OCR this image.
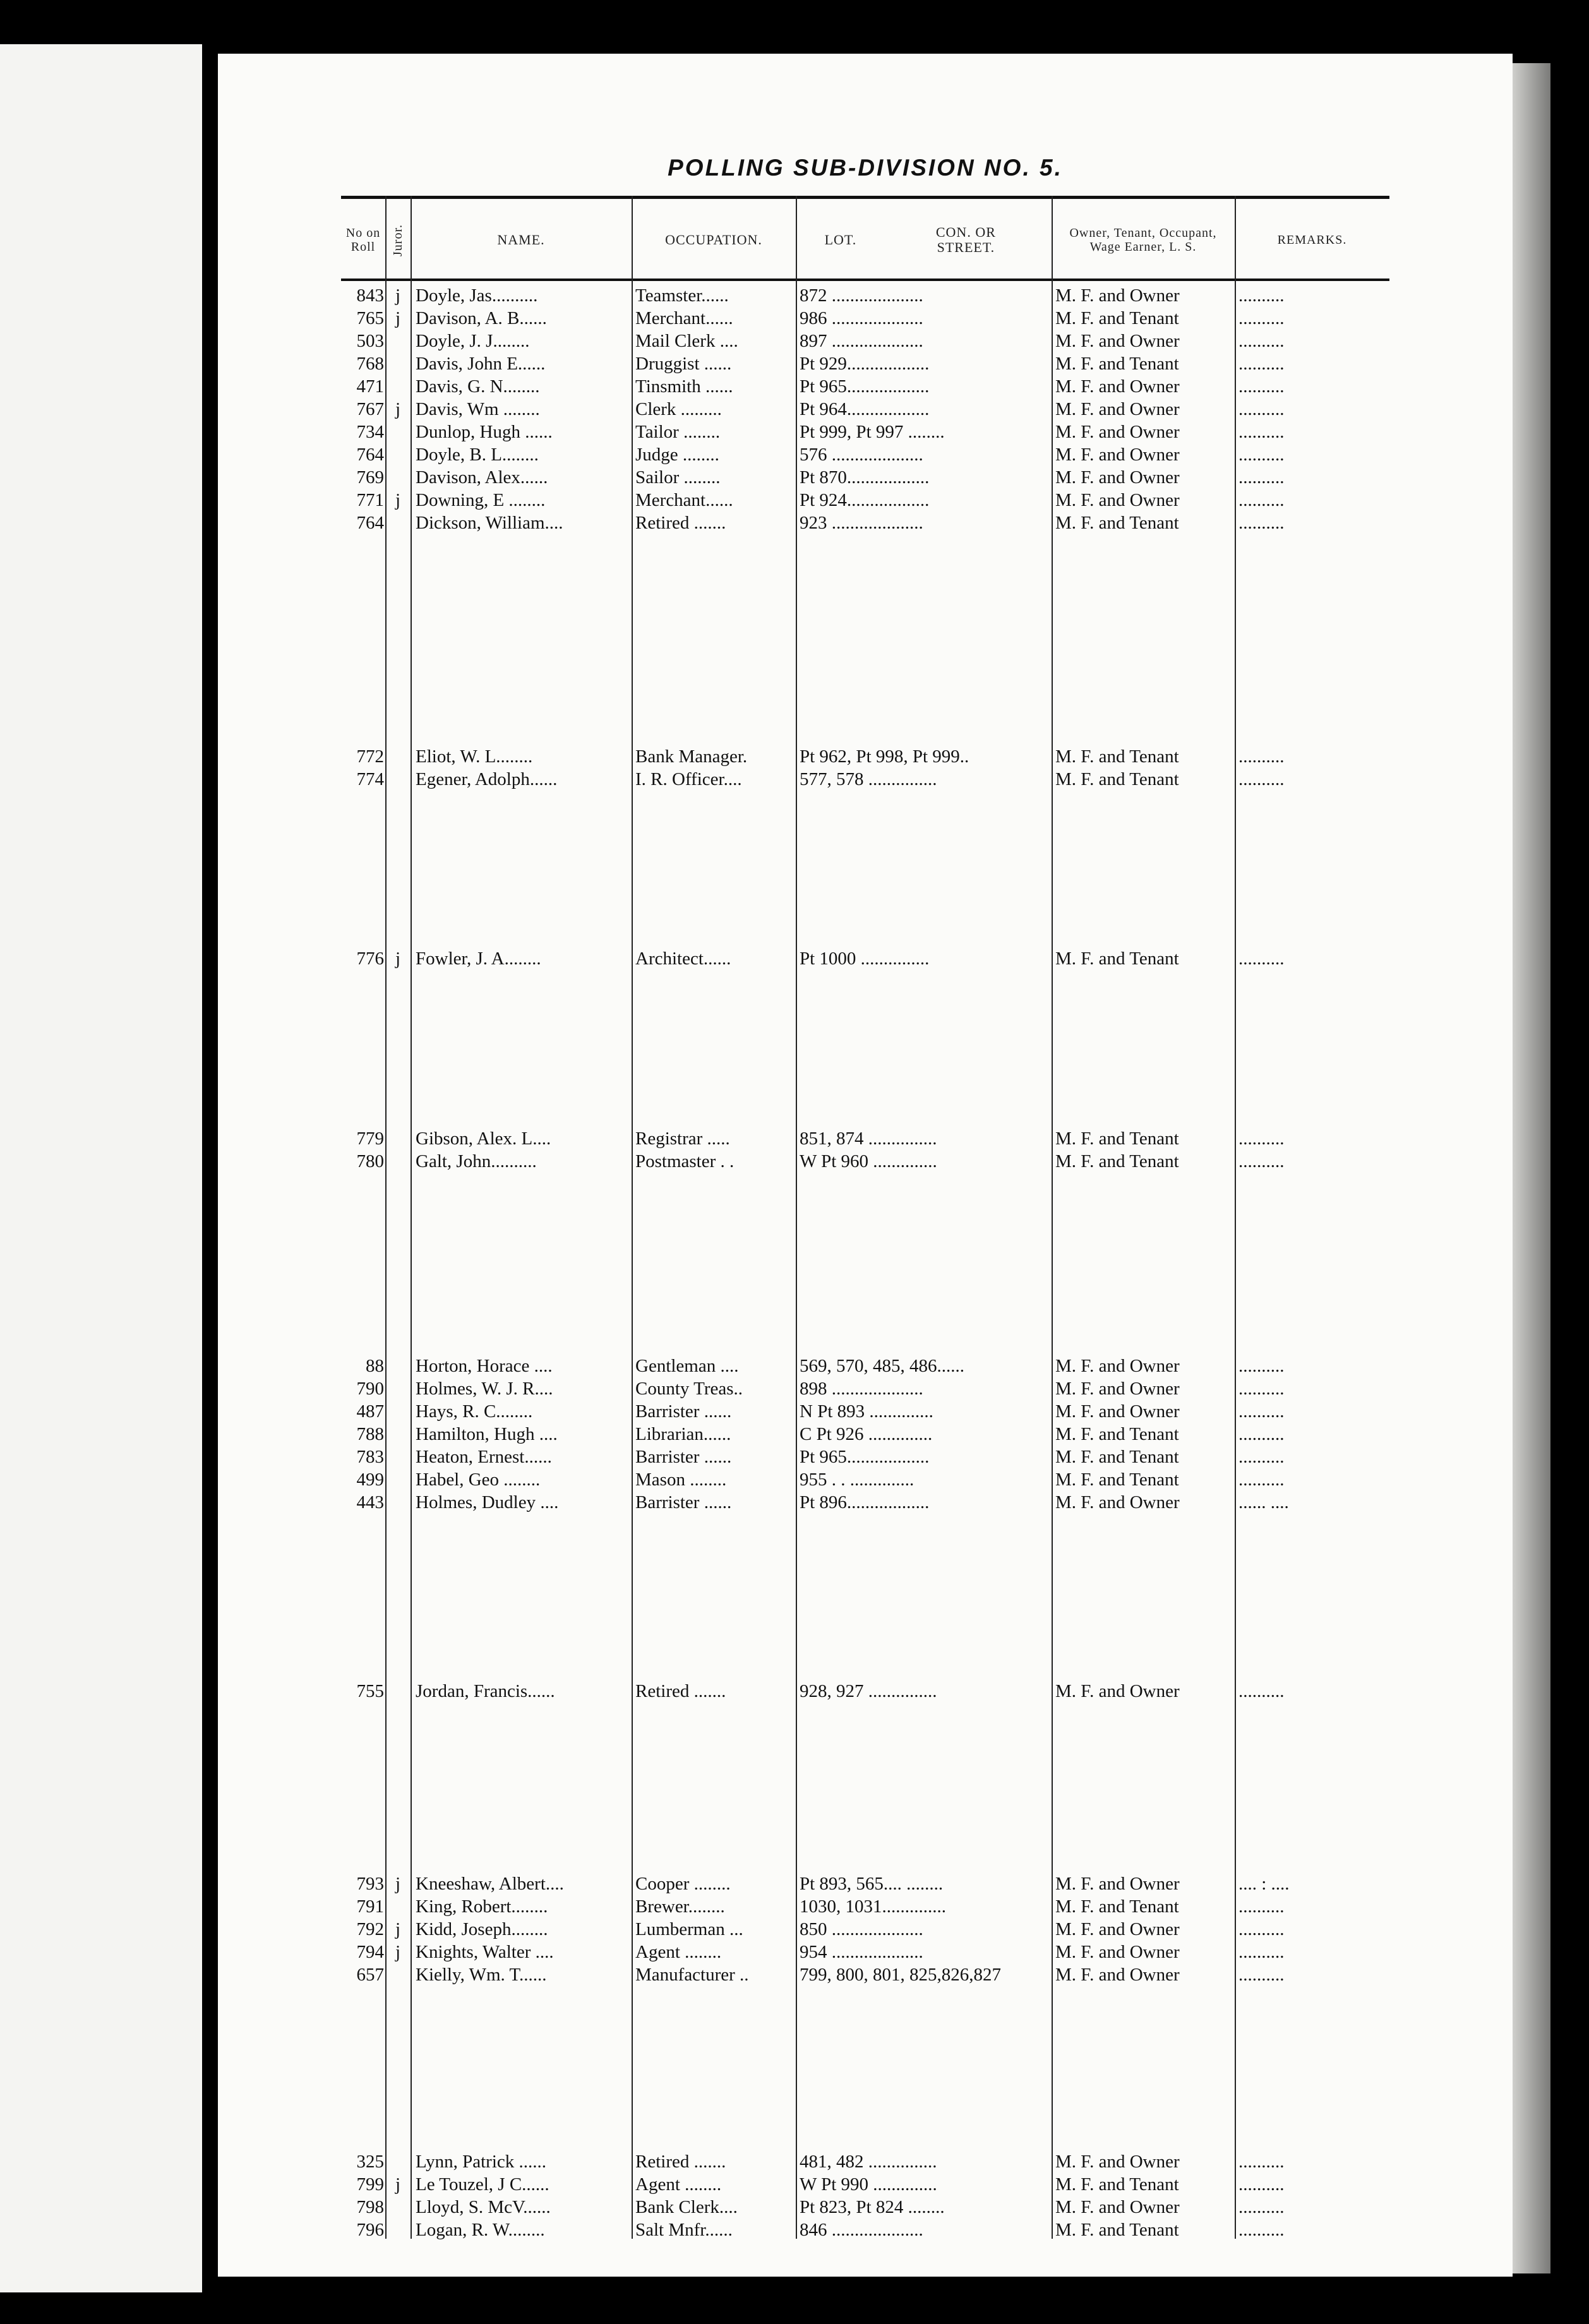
POLLING SUB-DIVISION NO. 5.
No on Roll	Juror.	NAME.	OCCUPATION.	LOT.	CON. OR STREET.
Owner, Tenant, Occupant, Wage Earner, L. S.	REMARKS.
843 j Doyle, Jas..........	Teamster......	872 ....................	M. F. and Owner	..........
765 j Davison, A. B......	Merchant......	986 ....................	M. F. and Tenant	..........
503 Doyle, J. J........	Mail Clerk ....	897 ....................	M. F. and Owner	..........
768 Davis, John E......	Druggist ......	Pt 929..................	M. F. and Tenant	..........
471 Davis, G. N........	Tinsmith ......	Pt 965..................	M. F. and Owner	..........
767 j Davis, Wm ........	Clerk .........	Pt 964..................	M. F. and Owner	..........
734 Dunlop, Hugh ......	Tailor ........	Pt 999, Pt 997 ........	M. F. and Owner	..........
764 Doyle, B. L........	Judge ........	576 ....................	M. F. and Owner	..........
769 Davison, Alex......	Sailor ........	Pt 870..................	M. F. and Owner	..........
771 j Downing, E ........	Merchant......	Pt 924..................	M. F. and Owner	..........
764 Dickson, William....	Retired .......	923 ....................	M. F. and Tenant	..........
772 Eliot, W. L........	Bank Manager.	Pt 962, Pt 998, Pt 999..	M. F. and Tenant	..........
774 Egener, Adolph......	I. R. Officer....	577, 578 ...............	M. F. and Tenant	..........
776 j Fowler, J. A........	Architect......	Pt 1000 ...............	M. F. and Tenant	..........
779 Gibson, Alex. L....	Registrar .....	851, 874 ...............	M. F. and Tenant	..........
780 Galt, John..........	Postmaster . .	W Pt 960 ..............	M. F. and Tenant	..........
88 Horton, Horace ....	Gentleman ....	569, 570, 485, 486......	M. F. and Owner	..........
790 Holmes, W. J. R....	County Treas..	898 ....................	M. F. and Owner	..........
487 Hays, R. C........	Barrister ......	N Pt 893 ..............	M. F. and Owner	..........
788 Hamilton, Hugh ....	Librarian......	C Pt 926 ..............	M. F. and Tenant	..........
783 Heaton, Ernest......	Barrister ......	Pt 965..................	M. F. and Tenant	..........
499 Habel, Geo ........	Mason ........	955 . . ..............	M. F. and Tenant	..........
443 Holmes, Dudley ....	Barrister ......	Pt 896..................	M. F. and Owner	...... ....
755 Jordan, Francis......	Retired .......	928, 927 ...............	M. F. and Owner	..........
793 j Kneeshaw, Albert....	Cooper ........	Pt 893, 565.... ........	M. F. and Owner	.... : ....
791 King, Robert........	Brewer........	1030, 1031..............	M. F. and Tenant	..........
792 j Kidd, Joseph........	Lumberman ...	850 ....................	M. F. and Owner	..........
794 j Knights, Walter ....	Agent ........	954 ....................	M. F. and Owner	..........
657 Kielly, Wm. T......	Manufacturer ..	799, 800, 801, 825,826,827	M. F. and Owner	..........
325 Lynn, Patrick ......	Retired .......	481, 482 ...............	M. F. and Owner	..........
799 j Le Touzel, J C......	Agent ........	W Pt 990 ..............	M. F. and Tenant	..........
798 Lloyd, S. McV......	Bank Clerk....	Pt 823, Pt 824 ........	M. F. and Owner	..........
796 Logan, R. W........	Salt Mnfr......	846 ....................	M. F. and Tenant	..........
